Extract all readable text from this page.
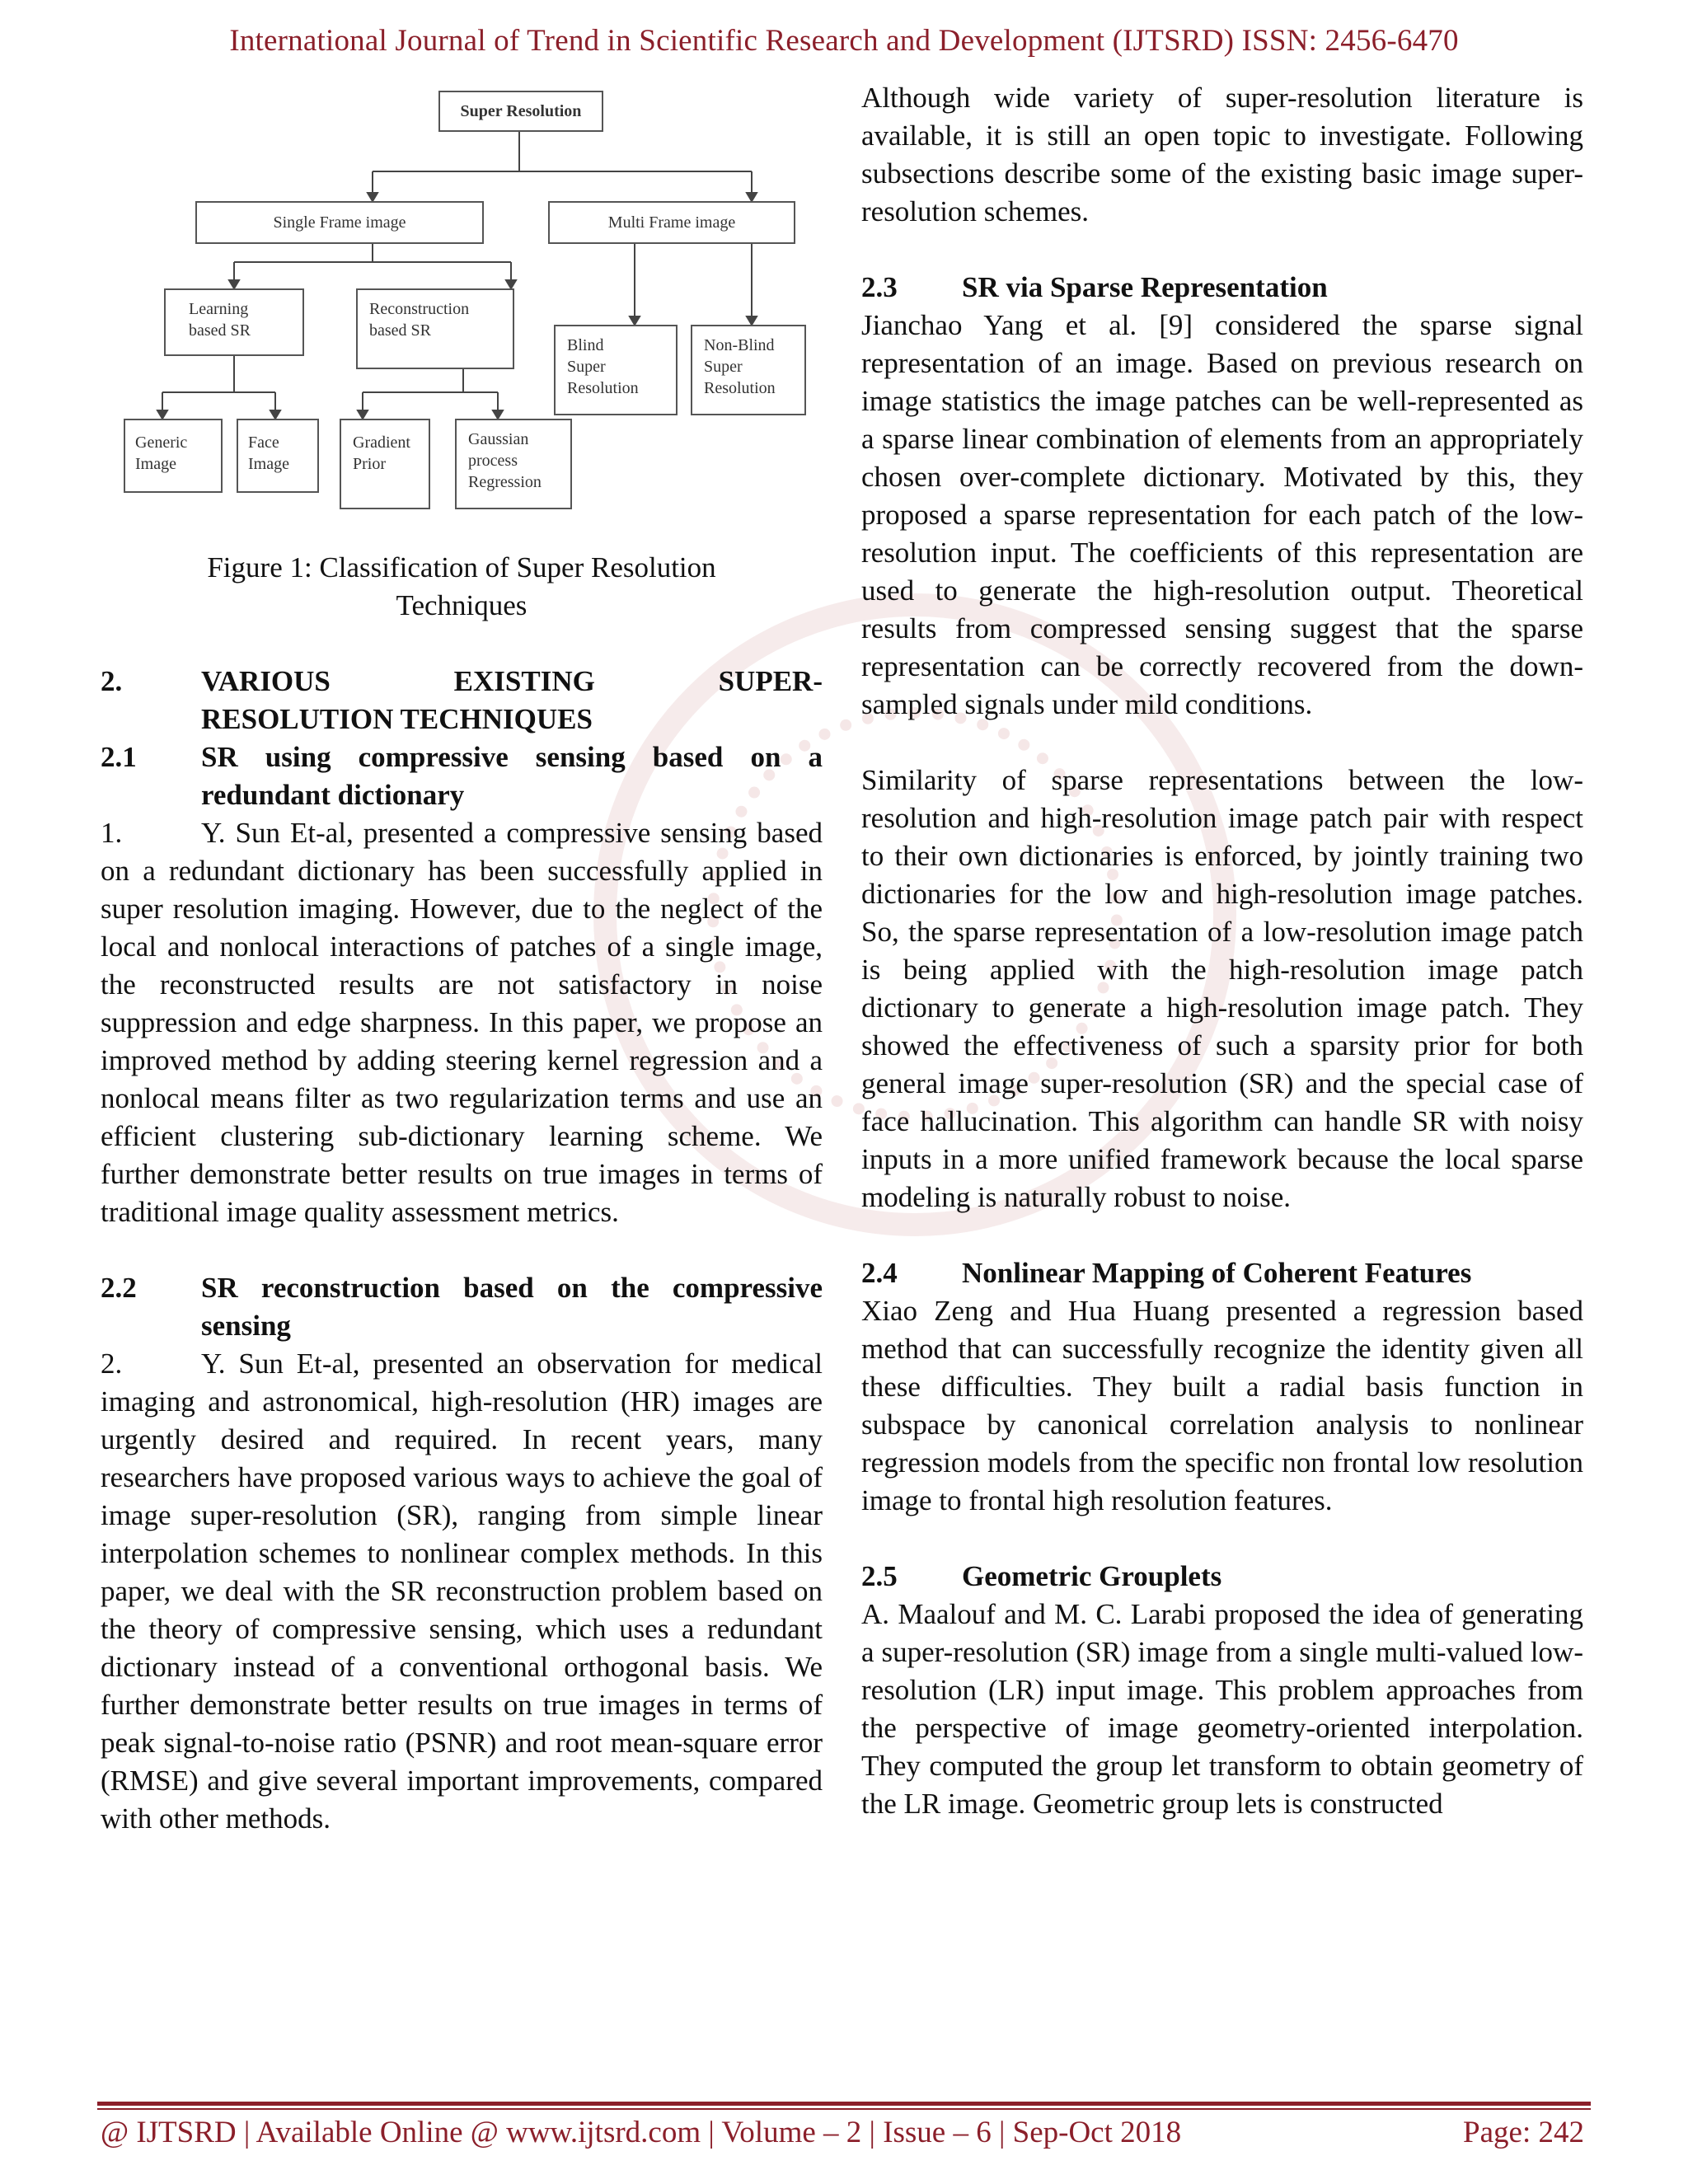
International Journal of Trend in Scientific Research and Development (IJTSRD) ISSN: 2456-6470
Super Resolution
Single Frame image	Multi Frame image
Learning
based SR
Reconstruction
based SR
Blind
Super
Resolution
Non-Blind
Super
Resolution
Generic
Image
Face
Image
Gradient
Prior
Gaussian
process
Regression
Figure 1: Classification of Super Resolution Techniques
2.	VARIOUS EXISTING SUPER-
RESOLUTION TECHNIQUES
2.1	SR using compressive sensing based on a
redundant dictionary

1.	Y. Sun Et-al, presented a compressive sensing based on a redundant dictionary has been successfully applied in super resolution imaging. However, due to the neglect of the local and nonlocal interactions of patches of a single image, the reconstructed results are not satisfactory in noise suppression and edge sharpness. In this paper, we propose an improved method by adding steering kernel regression and a nonlocal means filter as two regularization terms and use an efficient clustering sub-dictionary learning scheme. We further demonstrate better results on true images in terms of traditional image quality assessment metrics.

2.2	SR reconstruction based on the compressive
sensing

2.	Y. Sun Et-al, presented an observation for medical imaging and astronomical, high-resolution (HR) images are urgently desired and required. In recent years, many researchers have proposed various ways to achieve the goal of image super-resolution (SR), ranging from simple linear interpolation schemes to nonlinear complex methods. In this paper, we deal with the SR reconstruction problem based on the theory of compressive sensing, which uses a redundant dictionary instead of a conventional orthogonal basis. We further demonstrate better results on true images in terms of peak signal-to-noise ratio (PSNR) and root mean-square error (RMSE) and give several important improvements, compared with other methods.

Although wide variety of super-resolution literature is available, it is still an open topic to investigate. Following subsections describe some of the existing basic image super-resolution schemes.

2.3	SR via Sparse Representation

Jianchao Yang et al. [9] considered the sparse signal representation of an image. Based on previous research on image statistics the image patches can be well-represented as a sparse linear combination of elements from an appropriately chosen over-complete dictionary. Motivated by this, they proposed a sparse representation for each patch of the low-resolution input. The coefficients of this representation are used to generate the high-resolution output. Theoretical results from compressed sensing suggest that the sparse representation can be correctly recovered from the down-sampled signals under mild conditions.

Similarity of sparse representations between the low-resolution and high-resolution image patch pair with respect to their own dictionaries is enforced, by jointly training two dictionaries for the low and high-resolution image patches. So, the sparse representation of a low-resolution image patch is being applied with the high-resolution image patch dictionary to generate a high-resolution image patch. They showed the effectiveness of such a sparsity prior for both general image super-resolution (SR) and the special case of face hallucination. This algorithm can handle SR with noisy inputs in a more unified framework because the local sparse modeling is naturally robust to noise.

2.4	Nonlinear Mapping of Coherent Features

Xiao Zeng and Hua Huang presented a regression based method that can successfully recognize the identity given all these difficulties. They built a radial basis function in subspace by canonical correlation analysis to nonlinear regression models from the specific non frontal low resolution image to frontal high resolution features.

2.5	Geometric Grouplets

A. Maalouf and M. C. Larabi proposed the idea of generating a super-resolution (SR) image from a single multi-valued low-resolution (LR) input image. This problem approaches from the perspective of image geometry-oriented interpolation. They computed the group let transform to obtain geometry of the LR image. Geometric group lets is constructed

@ IJTSRD | Available Online @ www.ijtsrd.com | Volume – 2 | Issue – 6 | Sep-Oct 2018	Page: 242
